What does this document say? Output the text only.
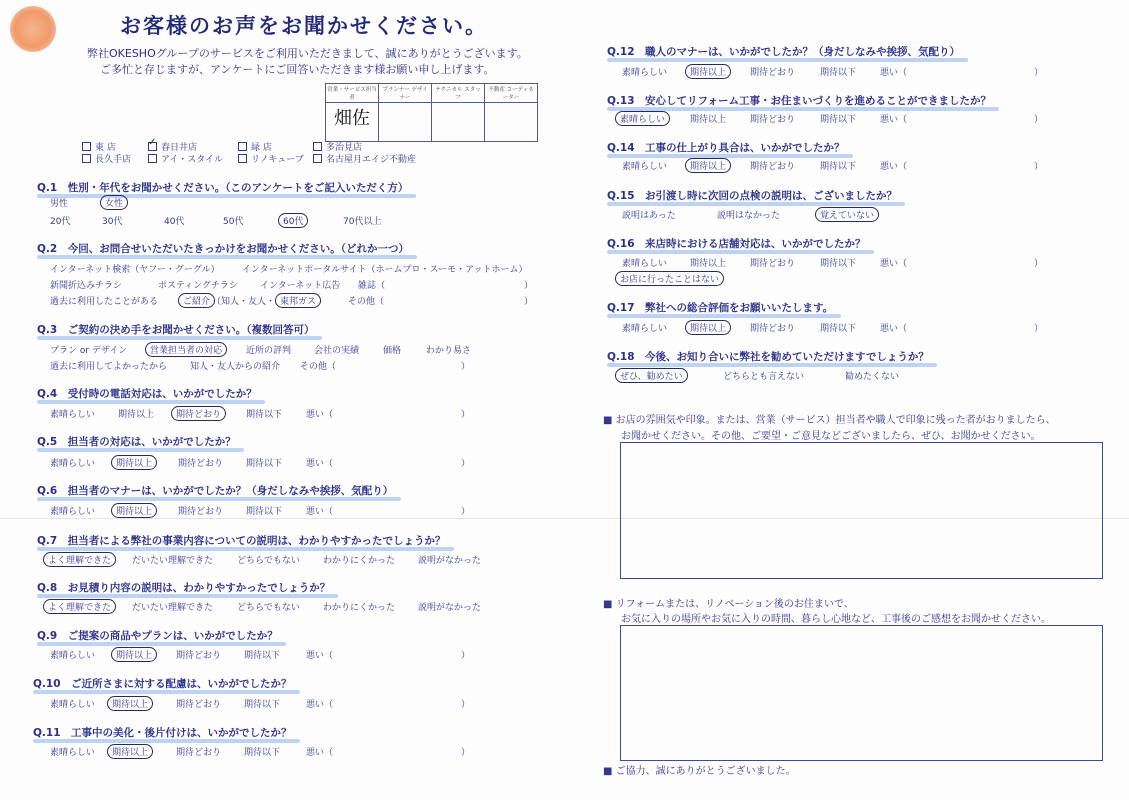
お客様のお声をお聞かせください。
弊社OKESHOグループのサービスをご利用いただきまして、誠にありがとうございます。
ご多忙と存じますが、アンケートにご回答いただきます様お願い申し上げます。
営業・サービス担当者	プランナー デザイナー	テクニカル スタッフ	不動産 コーディネーター
畑佐			
東 店 ✓	春日井店	緑 店	多治見店
長久手店	アイ・スタイル	リノキューブ	名古屋月エイジ不動産
Q.1　性別・年代をお聞かせください。（このアンケートをご記入いただく方）
男性	女性
20代	30代	40代	50代	60代	70代以上
Q.2　今回、お問合せいただいたきっかけをお聞かせください。（どれか一つ）
インターネット検索（ヤフー・グーグル） インターネットポータルサイト（ホームプロ・スーモ・アットホーム）
新聞折込みチラシ	ポスティングチラシ インターネット広告 雑誌（	）
過去に利用したことがある	ご紹介 （知人・友人・ 東邦ガス ） その他（	）
Q.3　ご契約の決め手をお聞かせください。（複数回答可）
プラン or デザイン	営業担当者の対応	近所の評判	会社の実績	価格	わかり易さ
過去に利用してよかったから	知人・友人からの紹介 その他（	）
Q.4　受付時の電話対応は、いかがでしたか？
素晴らしい	期待以上	期待どおり	期待以下	悪い（	）
Q.5　担当者の対応は、いかがでしたか？
素晴らしい	期待以上	期待どおり	期待以下	悪い（	）
Q.6　担当者のマナーは、いかがでしたか？（身だしなみや挨拶、気配り）
素晴らしい	期待以上	期待どおり	期待以下	悪い（	）
Q.7　担当者による弊社の事業内容についての説明は、わかりやすかったでしょうか？
よく理解できた	だいたい理解できた	どちらでもない	わかりにくかった	説明がなかった
Q.8　お見積り内容の説明は、わかりやすかったでしょうか？
よく理解できた	だいたい理解できた	どちらでもない	わかりにくかった	説明がなかった
Q.9　ご提案の商品やプランは、いかがでしたか？
素晴らしい	期待以上	期待どおり	期待以下	悪い（	）
Q.10　ご近所さまに対する配慮は、いかがでしたか？
素晴らしい	期待以上	期待どおり	期待以下	悪い（	）
Q.11　工事中の美化・後片付けは、いかがでしたか？
素晴らしい	期待以上	期待どおり	期待以下	悪い（	）
Q.12　職人のマナーは、いかがでしたか？（身だしなみや挨拶、気配り）
素晴らしい	期待以上	期待どおり	期待以下	悪い（	）
Q.13　安心してリフォーム工事・お住まいづくりを進めることができましたか？
素晴らしい	期待以上	期待どおり	期待以下	悪い（	）
Q.14　工事の仕上がり具合は、いかがでしたか？
素晴らしい	期待以上	期待どおり	期待以下	悪い（	）
Q.15　お引渡し時に次回の点検の説明は、ございましたか？
説明はあった	説明はなかった	覚えていない
Q.16　来店時における店舗対応は、いかがでしたか？
素晴らしい	期待以上	期待どおり	期待以下	悪い（	）
お店に行ったことはない
Q.17　弊社への総合評価をお願いいたします。
素晴らしい	期待以上	期待どおり	期待以下	悪い（	）
Q.18　今後、お知り合いに弊社を勧めていただけますでしょうか？
ぜひ、勧めたい	どちらとも言えない	勧めたくない
■ お店の雰囲気や印象。または、営業（サービス）担当者や職人で印象に残った者がおりましたら、
お聞かせください。その他、ご要望・ご意見などございましたら、ぜひ、お聞かせください。
■ リフォームまたは、リノベーション後のお住まいで、
お気に入りの場所やお気に入りの時間、暮らし心地など、工事後のご感想をお聞かせください。
■ ご協力、誠にありがとうございました。
